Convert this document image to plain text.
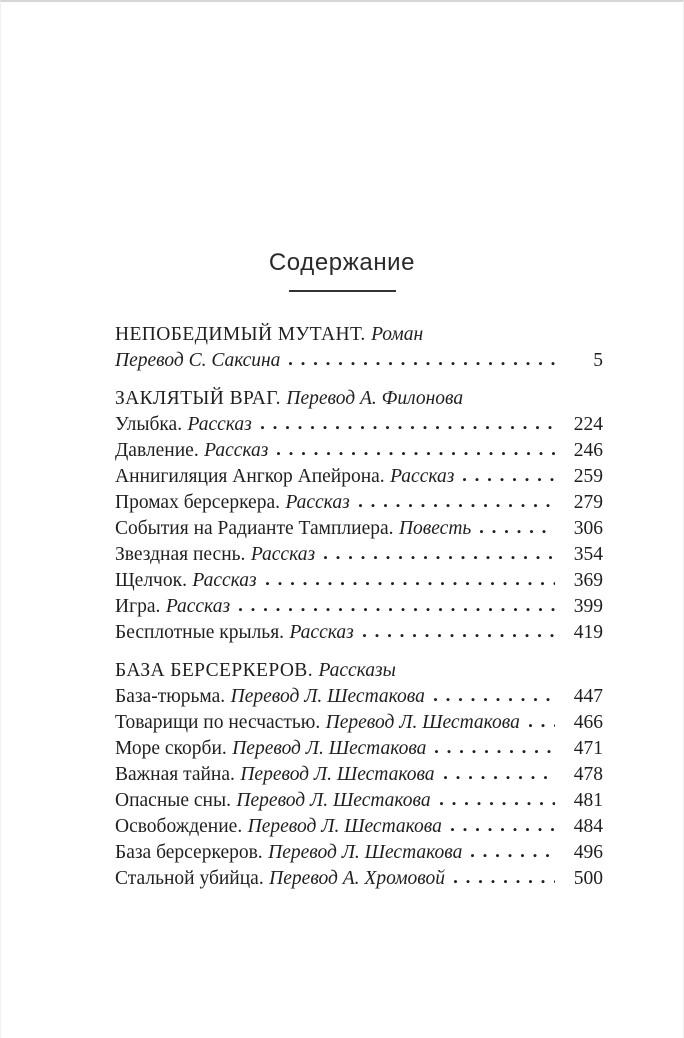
Содержание
НЕПОБЕДИМЫЙ МУТАНТ. Роман
Перевод С. Саксина	5
ЗАКЛЯТЫЙ ВРАГ. Перевод А. Филонова
Улыбка. Рассказ	224
Давление. Рассказ	246
Аннигиляция Ангкор Апейрона. Рассказ	259
Промах берсеркера. Рассказ	279
События на Радианте Тамплиера. Повесть	306
Звездная песнь. Рассказ	354
Щелчок. Рассказ	369
Игра. Рассказ	399
Бесплотные крылья. Рассказ	419
БАЗА БЕРСЕРКЕРОВ. Рассказы
База-тюрьма. Перевод Л. Шестакова	447
Товарищи по несчастью. Перевод Л. Шестакова	466
Море скорби. Перевод Л. Шестакова	471
Важная тайна. Перевод Л. Шестакова	478
Опасные сны. Перевод Л. Шестакова	481
Освобождение. Перевод Л. Шестакова	484
База берсеркеров. Перевод Л. Шестакова	496
Стальной убийца. Перевод А. Хромовой	500
